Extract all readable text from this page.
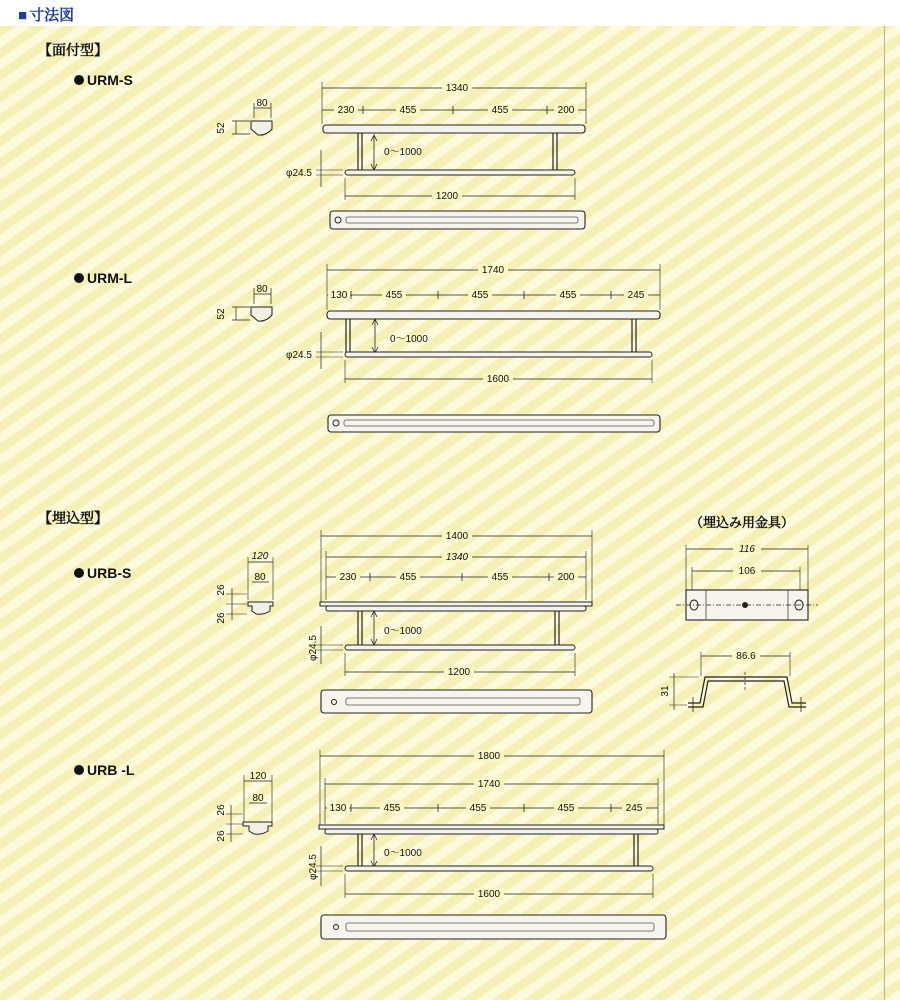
■ 寸法図
【面付型】
【埋込型】
URM-S
URM-L
URB-S
URB -L
（埋込み用金具）
80
52
1340
230	455	455	200
0〜1000
φ24.5
1200
80
52
1740
130	455	455	455	245
0〜1000
φ24.5
1600
120
80
26
26
1400
1340
230	455	455	200
0〜1000
φ24.5
1200
116
106
86.6
31
120
80
26
26
1800
1740
130	455	455	455	245
0〜1000
φ24.5
1600
